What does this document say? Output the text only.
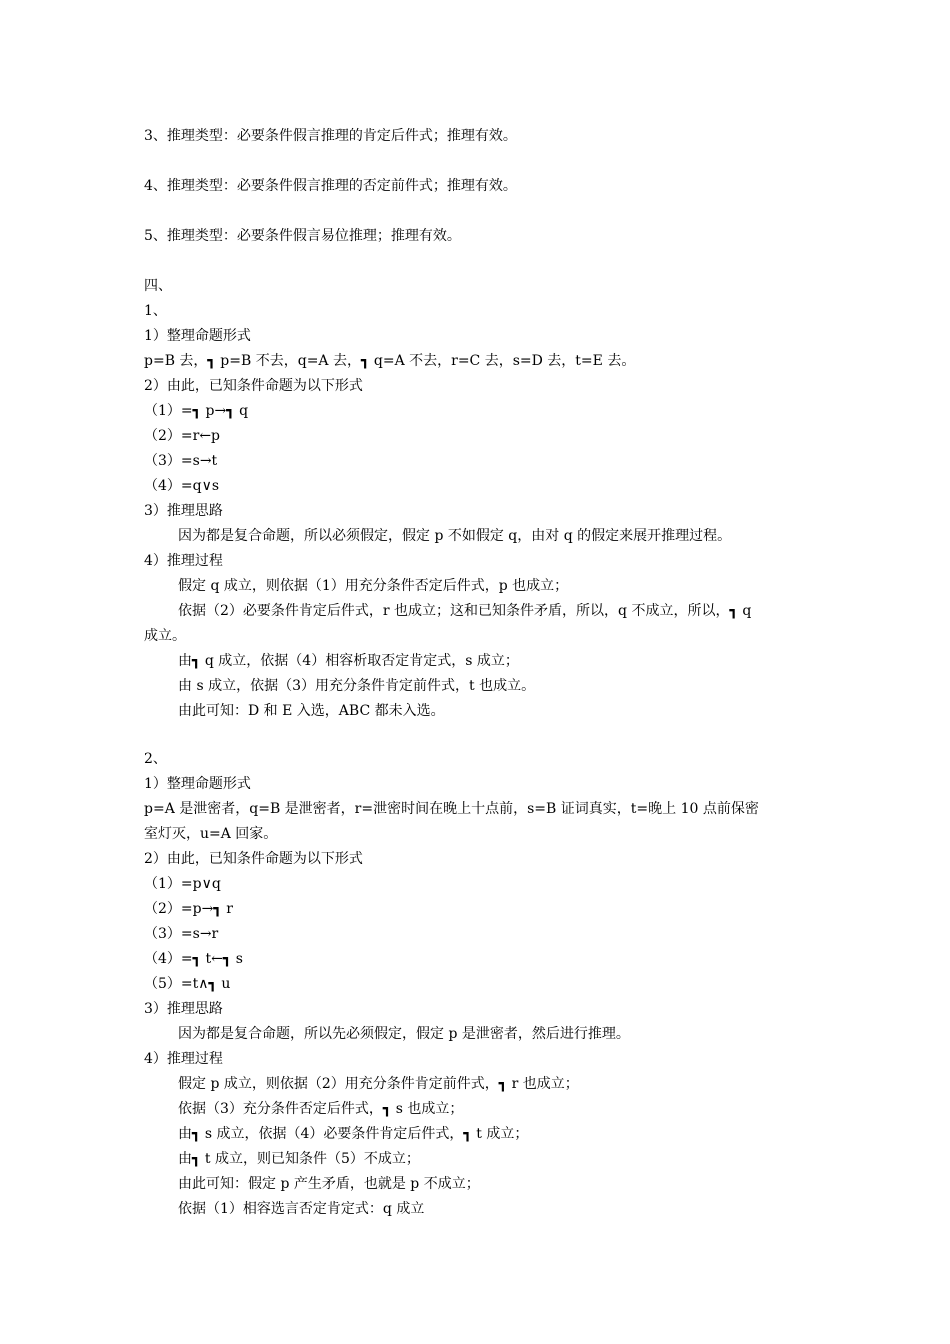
3、推理类型：必要条件假言推理的肯定后件式；推理有效。
4、推理类型：必要条件假言推理的否定前件式；推理有效。
5、推理类型：必要条件假言易位推理；推理有效。
四、
1、
1）整理命题形式
p=B 去，┓ p=B 不去，q=A 去，┓ q=A 不去，r=C 去，s=D 去，t=E 去。
2）由此，已知条件命题为以下形式
（1）=┓ p→┓ q
（2）=r←p
（3）=s→t
（4）=q∨s
3）推理思路
因为都是复合命题，所以必须假定，假定 p 不如假定 q，由对 q 的假定来展开推理过程。
4）推理过程
假定 q 成立，则依据（1）用充分条件否定后件式，p 也成立；
依据（2）必要条件肯定后件式，r 也成立；这和已知条件矛盾，所以，q 不成立，所以，┓ q
成立。
由┓ q 成立，依据（4）相容析取否定肯定式，s 成立；
由 s 成立，依据（3）用充分条件肯定前件式，t 也成立。
由此可知：D 和 E 入选，ABC 都未入选。
2、
1）整理命题形式
p=A 是泄密者，q=B 是泄密者，r=泄密时间在晚上十点前，s=B 证词真实，t=晚上 10 点前保密
室灯灭，u=A 回家。
2）由此，已知条件命题为以下形式
（1）=p∨q
（2）=p→┓ r
（3）=s→r
（4）=┓ t←┓ s
（5）=t∧┓ u
3）推理思路
因为都是复合命题，所以先必须假定，假定 p 是泄密者，然后进行推理。
4）推理过程
假定 p 成立，则依据（2）用充分条件肯定前件式，┓ r 也成立；
依据（3）充分条件否定后件式，┓ s 也成立；
由┓ s 成立，依据（4）必要条件肯定后件式，┓ t 成立；
由┓ t 成立，则已知条件（5）不成立；
由此可知：假定 p 产生矛盾，也就是 p 不成立；
依据（1）相容选言否定肯定式：q 成立
